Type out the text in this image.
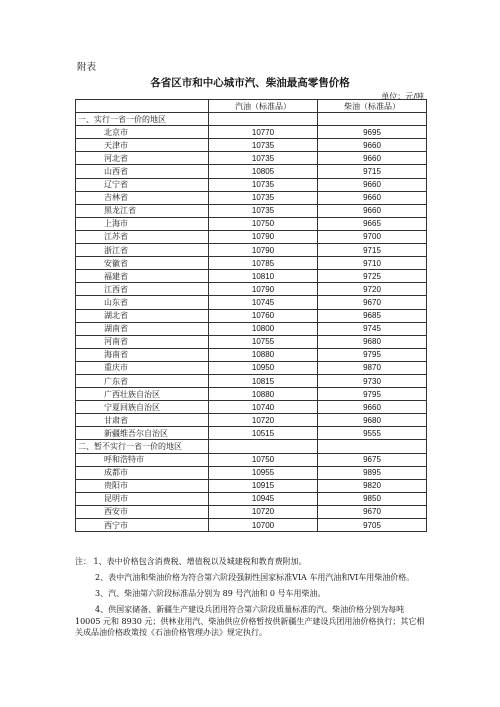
附表
各省区市和中心城市汽、柴油最高零售价格
单位：元/吨
	汽油（标准品）	柴油（标准品）
一、实行一省一价的地区		
北京市	10770	9695
天津市	10735	9660
河北省	10735	9660
山西省	10805	9715
辽宁省	10735	9660
吉林省	10735	9660
黑龙江省	10735	9660
上海市	10750	9665
江苏省	10790	9700
浙江省	10790	9715
安徽省	10785	9710
福建省	10810	9725
江西省	10790	9720
山东省	10745	9670
湖北省	10760	9685
湖南省	10800	9745
河南省	10755	9680
海南省	10880	9795
重庆市	10950	9870
广东省	10815	9730
广西壮族自治区	10880	9795
宁夏回族自治区	10740	9660
甘肃省	10720	9680
新疆维吾尔自治区	10515	9555
二、暂不实行一省一价的地区		
呼和浩特市	10750	9675
成都市	10955	9895
贵阳市	10915	9820
昆明市	10945	9850
西安市	10720	9670
西宁市	10700	9705

注： 1、表中价格包含消费税、增值税以及城建税和教育费附加。

2、表中汽油和柴油价格为符合第六阶段强制性国家标准VIA 车用汽油和VI车用柴油价格。

3、汽、柴油第六阶段标准品分别为 89 号汽油和 0 号车用柴油。

4、供国家储备、新疆生产建设兵团用符合第六阶段质量标准的汽、柴油价格分别为每吨 10005 元和 8930 元；供林业用汽、柴油供应价格暂按供新疆生产建设兵团用油价格执行；其它相关成品油价格政策按《石油价格管理办法》规定执行。
